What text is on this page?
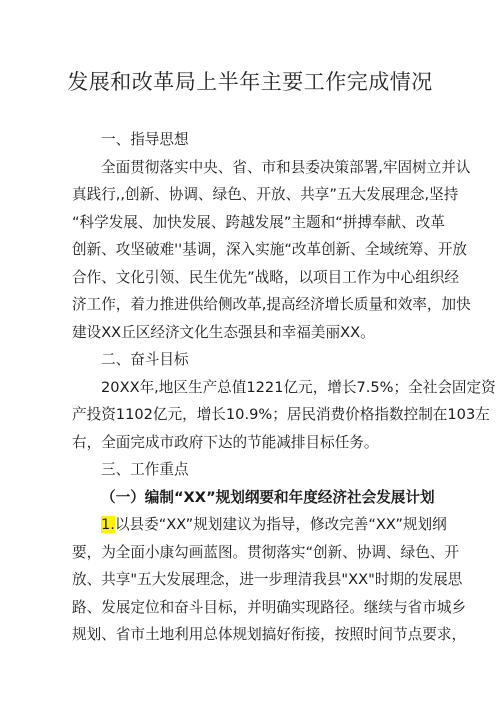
发展和改革局上半年主要工作完成情况
一、指导思想
全面贯彻落实中央、省、市和县委决策部署,牢固树立并认
真践行,,创新、协调、绿色、开放、共享”五大发展理念,坚持
“科学发展、加快发展、跨越发展”主题和“拼搏奉献、改革
创新、攻坚破难''基调，深入实施“改革创新、全域统筹、开放
合作、文化引领、民生优先”战略，以项目工作为中心组织经
济工作，着力推进供给侧改革,提高经济增长质量和效率，加快
建设XX丘区经济文化生态强县和幸福美丽XX。
二、奋斗目标
20XX年,地区生产总值1221亿元，增长7.5%；全社会固定资
产投资1102亿元，增长10.9%；居民消费价格指数控制在103左
右，全面完成市政府下达的节能减排目标任务。
三、工作重点
（一）编制“XX”规划纲要和年度经济社会发展计划
1.以县委“XX”规划建议为指导，修改完善“XX”规划纲
要，为全面小康勾画蓝图。贯彻落实“创新、协调、绿色、开
放、共享"五大发展理念，进一步理清我县"XX"时期的发展思
路、发展定位和奋斗目标，并明确实现路径。继续与省市城乡
规划、省市土地利用总体规划搞好衔接，按照时间节点要求，
